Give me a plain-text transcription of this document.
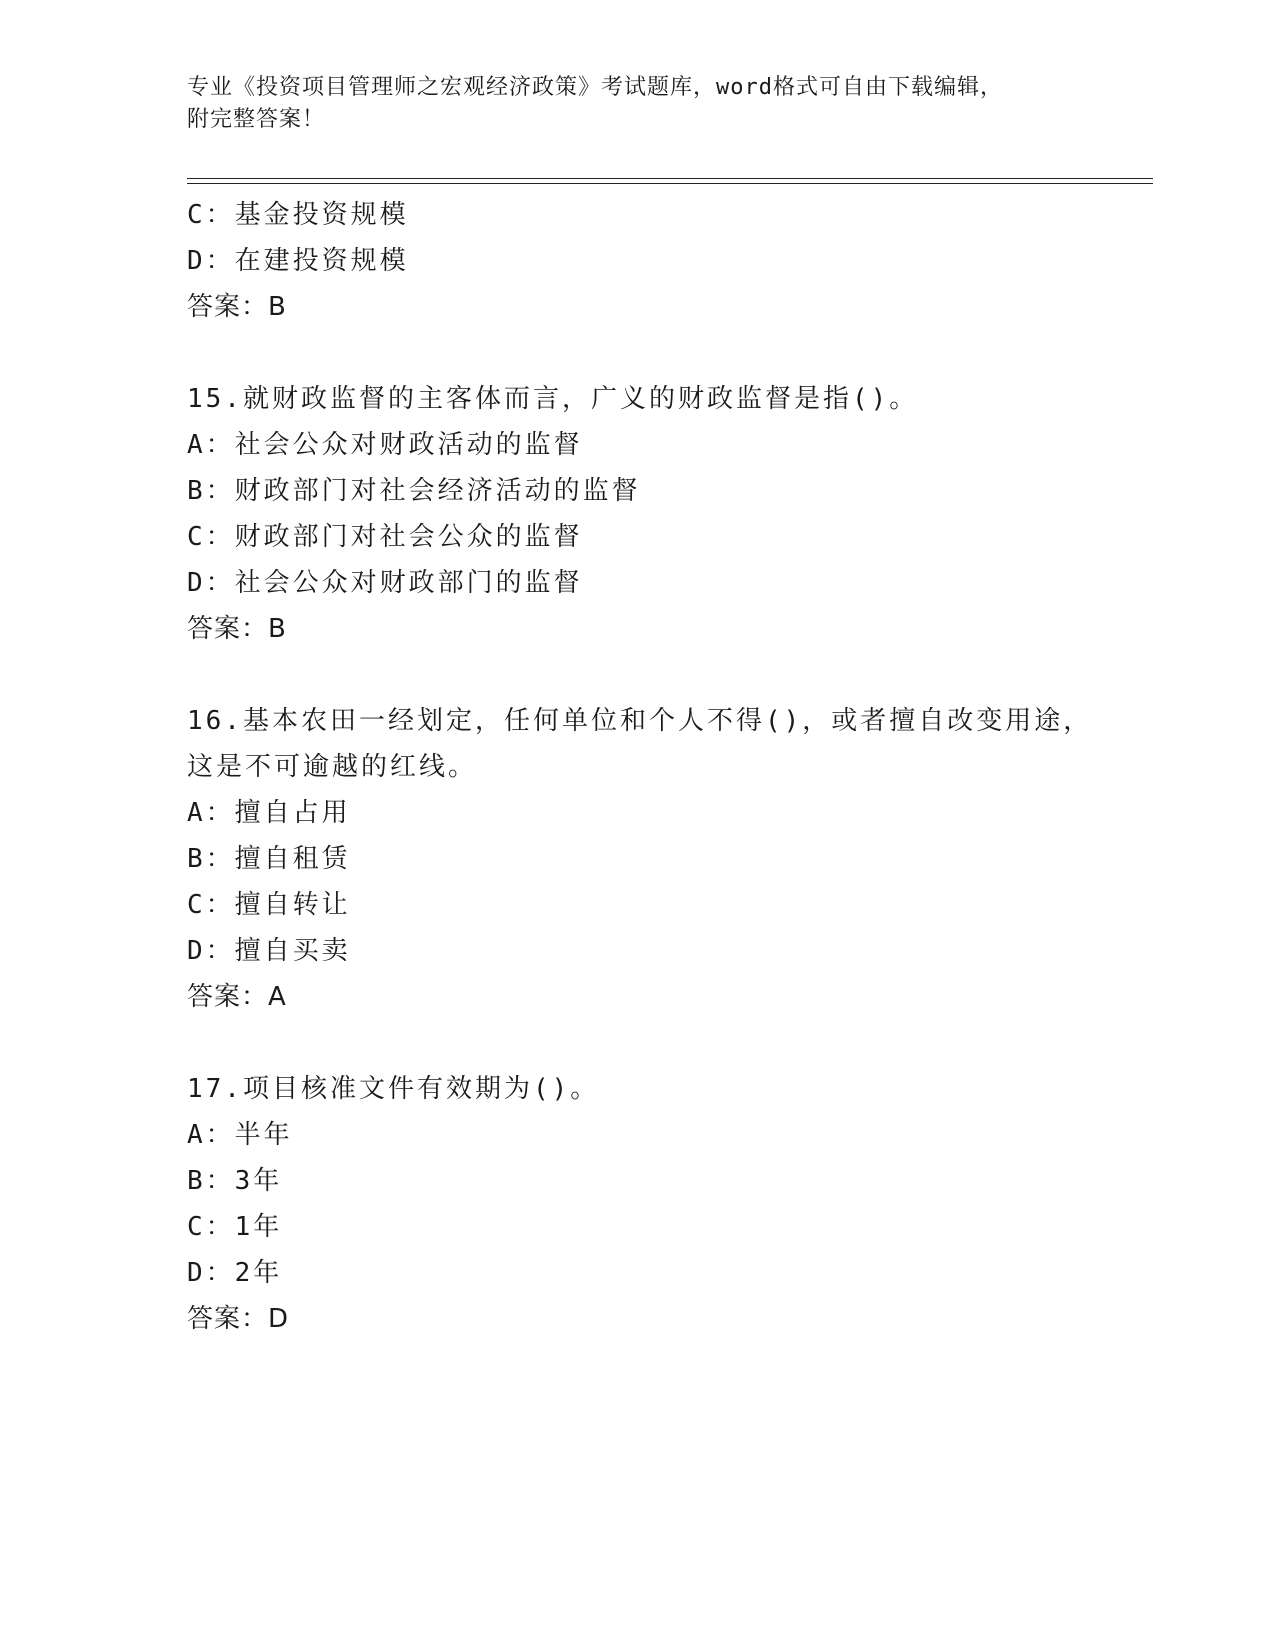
专业《投资项目管理师之宏观经济政策》考试题库，word格式可自由下载编辑，
附完整答案！
C：基金投资规模
D：在建投资规模
答案：B
15.就财政监督的主客体而言，广义的财政监督是指()。
A：社会公众对财政活动的监督
B：财政部门对社会经济活动的监督
C：财政部门对社会公众的监督
D：社会公众对财政部门的监督
答案：B
16.基本农田一经划定，任何单位和个人不得()，或者擅自改变用途，
这是不可逾越的红线。
A：擅自占用
B：擅自租赁
C：擅自转让
D：擅自买卖
答案：A
17.项目核准文件有效期为()。
A：半年
B：3年
C：1年
D：2年
答案：D
